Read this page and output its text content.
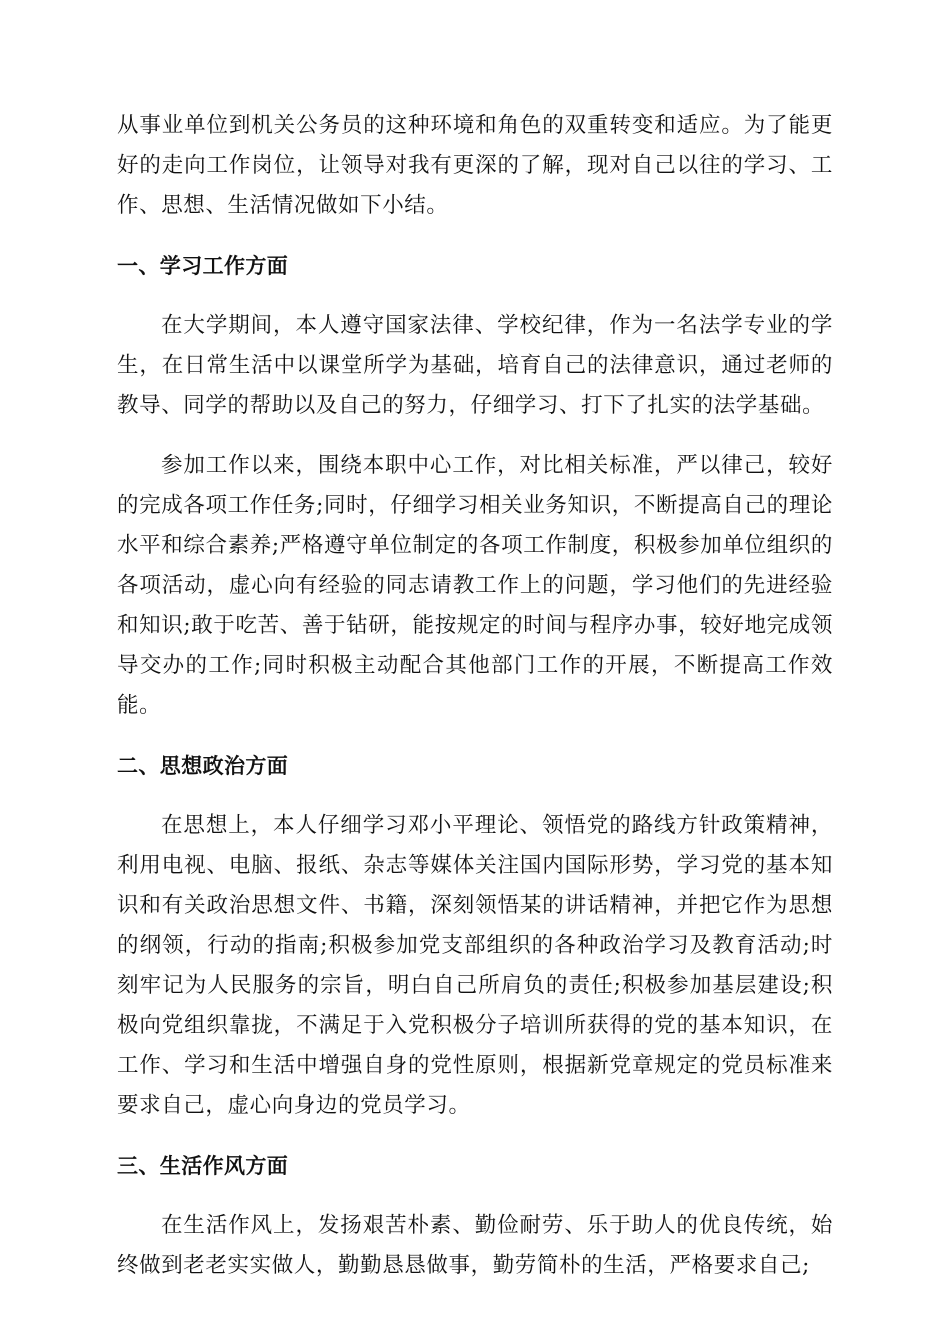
从事业单位到机关公务员的这种环境和角色的双重转变和适应。为了能更好的走向工作岗位，让领导对我有更深的了解，现对自己以往的学习、工作、思想、生活情况做如下小结。

一、学习工作方面

在大学期间，本人遵守国家法律、学校纪律，作为一名法学专业的学生，在日常生活中以课堂所学为基础，培育自己的法律意识，通过老师的教导、同学的帮助以及自己的努力，仔细学习、打下了扎实的法学基础。

参加工作以来，围绕本职中心工作，对比相关标准，严以律己，较好的完成各项工作任务;同时，仔细学习相关业务知识，不断提高自己的理论水平和综合素养;严格遵守单位制定的各项工作制度，积极参加单位组织的各项活动，虚心向有经验的同志请教工作上的问题，学习他们的先进经验和知识;敢于吃苦、善于钻研，能按规定的时间与程序办事，较好地完成领导交办的工作;同时积极主动配合其他部门工作的开展，不断提高工作效能。

二、思想政治方面

在思想上，本人仔细学习邓小平理论、领悟党的路线方针政策精神，利用电视、电脑、报纸、杂志等媒体关注国内国际形势，学习党的基本知识和有关政治思想文件、书籍，深刻领悟某的讲话精神，并把它作为思想的纲领，行动的指南;积极参加党支部组织的各种政治学习及教育活动;时刻牢记为人民服务的宗旨，明白自己所肩负的责任;积极参加基层建设;积极向党组织靠拢，不满足于入党积极分子培训所获得的党的基本知识，在工作、学习和生活中增强自身的党性原则，根据新党章规定的党员标准来要求自己，虚心向身边的党员学习。

三、生活作风方面

在生活作风上，发扬艰苦朴素、勤俭耐劳、乐于助人的优良传统，始终做到老老实实做人，勤勤恳恳做事，勤劳简朴的生活，严格要求自己;
